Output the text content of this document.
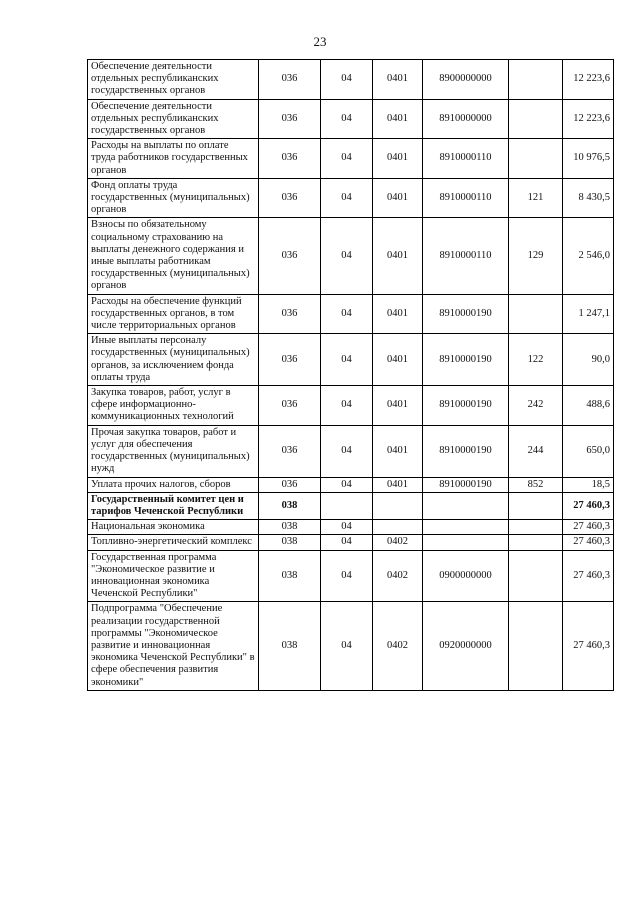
23
Обеспечение деятельности отдельных республиканских государственных органов	036	04	0401	8900000000		12 223,6
Обеспечение деятельности отдельных республиканских государственных органов	036	04	0401	8910000000		12 223,6
Расходы на выплаты по оплате труда работников государственных органов	036	04	0401	8910000110		10 976,5
Фонд оплаты труда государственных (муниципальных) органов	036	04	0401	8910000110	121	8 430,5
Взносы по обязательному социальному страхованию на выплаты денежного содержания и иные выплаты работникам государственных (муниципальных) органов	036	04	0401	8910000110	129	2 546,0
Расходы на обеспечение функций государственных органов, в том числе территориальных органов	036	04	0401	8910000190		1 247,1
Иные выплаты персоналу государственных (муниципальных) органов, за исключением фонда оплаты труда	036	04	0401	8910000190	122	90,0
Закупка товаров, работ, услуг в сфере информационно-коммуникационных технологий	036	04	0401	8910000190	242	488,6
Прочая закупка товаров, работ и услуг для обеспечения государственных (муниципальных) нужд	036	04	0401	8910000190	244	650,0
Уплата прочих налогов, сборов	036	04	0401	8910000190	852	18,5
Государственный комитет цен и тарифов Чеченской Республики	038					27 460,3
Национальная экономика	038	04				27 460,3
Топливно-энергетический комплекс	038	04	0402			27 460,3
Государственная программа "Экономическое развитие и инновационная экономика Чеченской Республики"	038	04	0402	0900000000		27 460,3
Подпрограмма "Обеспечение реализации государственной программы "Экономическое развитие и инновационная экономика Чеченской Республики" в сфере обеспечения развития экономики"	038	04	0402	0920000000		27 460,3
